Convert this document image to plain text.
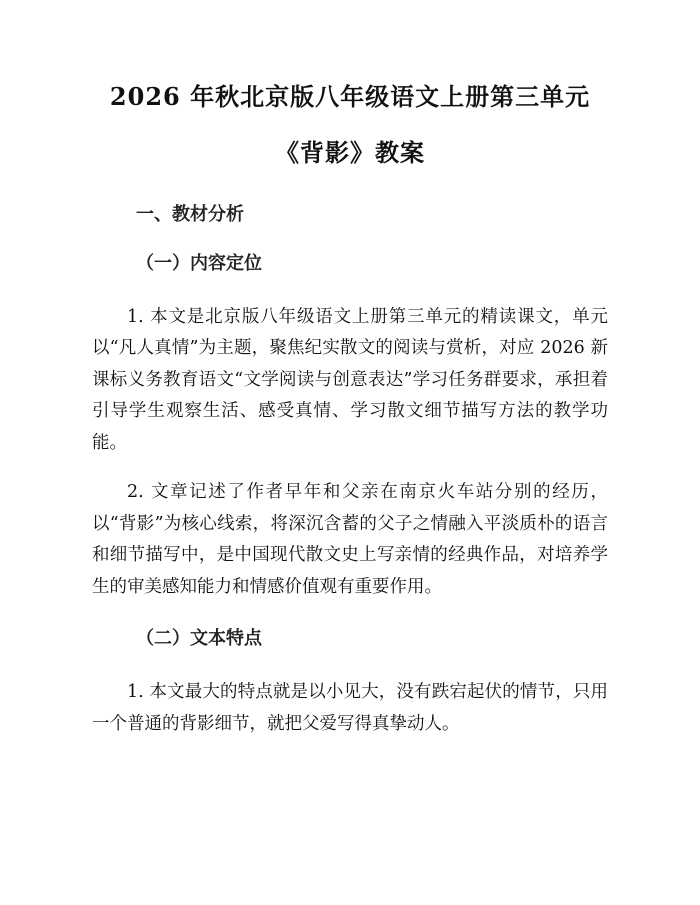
2026 年秋北京版八年级语文上册第三单元
《背影》教案
一、教材分析
（一）内容定位

1. 本文是北京版八年级语文上册第三单元的精读课文，单元以“凡人真情”为主题，聚焦纪实散文的阅读与赏析，对应 2026 新课标义务教育语文“文学阅读与创意表达”学习任务群要求，承担着引导学生观察生活、感受真情、学习散文细节描写方法的教学功能。

2. 文章记述了作者早年和父亲在南京火车站分别的经历，以“背影”为核心线索，将深沉含蓄的父子之情融入平淡质朴的语言和细节描写中，是中国现代散文史上写亲情的经典作品，对培养学生的审美感知能力和情感价值观有重要作用。

（二）文本特点

1. 本文最大的特点就是以小见大，没有跌宕起伏的情节，只用一个普通的背影细节，就把父爱写得真挚动人。
